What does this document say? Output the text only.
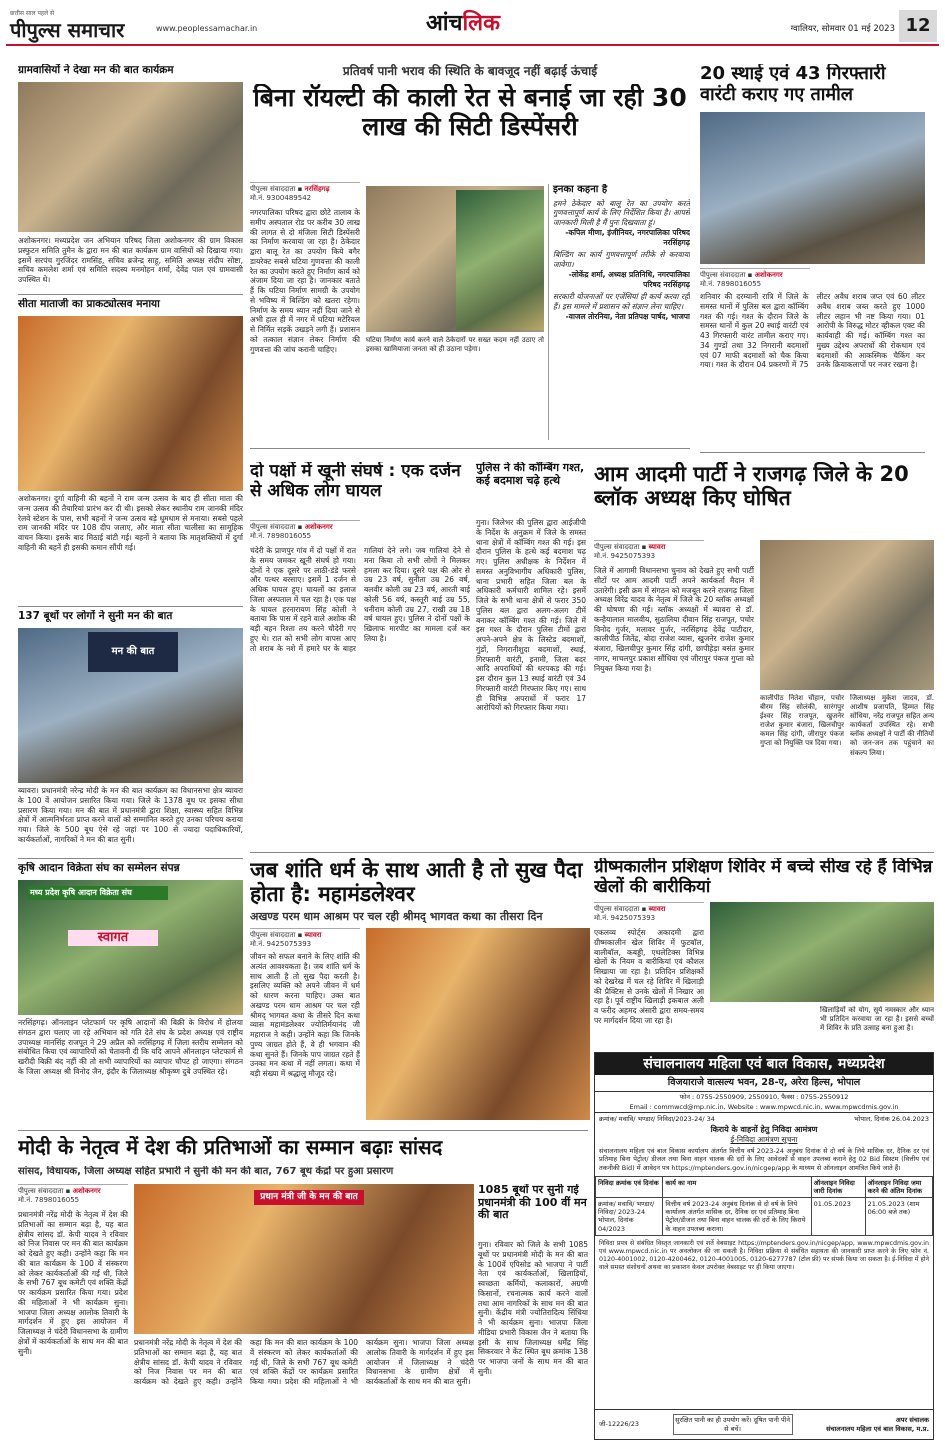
छत्तीस साल पहले से
पीपुल्स समाचार	www.peoplessamachar.in	आंचलिक	ग्वालियर, सोमवार 01 मई 2023 12
ग्रामवासियों ने देखा मन की बात कार्यक्रम
अशोकनगर। मध्यप्रदेश जन अभियान परिषद जिला अशोकनगर की ग्राम विकास प्रस्फुटन समिति तुमैन के द्वारा मन की बात कार्यक्रम ग्राम वासियों को दिखाया गया। इसमें सरपंच गुरजिंदर रामसिंह, सचिव ब्रजेन्द्र साहू, समिति अध्यक्ष संदीप सोष्टा, सचिव कमलेश शर्मा एवं समिति सदस्य मनमोहन शर्मा, देवेंद्र पाल एवं ग्रामवासी उपस्थित थे।
सीता माताजी का प्राकट्योत्सव मनाया
अशोकनगर। दुर्गा वाहिनी की बहनों ने राम जन्म उत्सव के बाद ही सीता माता की जन्म उत्सव की तैयारियां प्रारंभ कर दी थी। इसको लेकर स्थानीय राम जानकी मंदिर रेलवे स्टेशन के पास, सभी बहनों ने जन्म उत्सव बड़े धूमधाम से मनाया। सबसे पहले राम जानकी मंदिर पर 108 दीप जलाए, और माता सीता चालीसा का सामूहिक वाचन किया। इसके बाद मिठाई बांटी गई। बहनों ने बताया कि मातृशक्तियों में दुर्गा वाहिनी की बहनें ही इसकी कमान सौंपी गई।
137 बूथों पर लोगों ने सुनी मन की बात
मन की बात
ब्यावरा। प्रधानमंत्री नरेन्द्र मोदी के मन की बात कार्यक्रम का विधानसभा क्षेत्र ब्यावरा के 100 वें आयोजन प्रसारित किया गया। जिले के 1378 बूथ पर इसका सीधा प्रसारण किया गया। मन की बात में प्रधानमंत्री द्वारा शिक्षा, स्वास्थ्य सहित विभिन्न क्षेत्रों में आत्मनिर्भरता प्राप्त करने वालों को सम्मानित करते हुए उनका परिचय कराया गया। जिले के 500 बूथ ऐसे रहे जहां पर 100 से ज्यादा पदाधिकारियों, कार्यकर्ताओं, नागरिकों ने मन की बात सुनी।
कृषि आदान विक्रेता संघ का सम्मेलन संपन्न
मध्य प्रदेश कृषि आदान विक्रेता संघ
स्वागत
नरसिंहगढ़। ऑनलाइन प्लेटफार्म पर कृषि आदानों की बिक्री के विरोध में होलया संगठन द्वारा चलाए जा रहे अभियान को गति देते संघ के प्रदेश अध्यक्ष एवं राष्ट्रीय उपाध्यक्ष मानसिंह राजपूत ने 29 अप्रैल को नरसिंहगढ़ में जिला स्तरीय सम्मेलन को संबोधित किया एवं व्यापारियों को चेतावनी दी कि यदि आपने ऑनलाइन प्लेटफार्म से खरीदी बिक्री बंद नहीं की तो सभी व्यापारियों का व्यापार चौपट हो जाएगा। संगठन के जिला अध्यक्ष श्री विनोद जैन, इंदौर के जिलाध्यक्ष श्रीकृष्ण दुबे उपस्थित रहे।
प्रतिवर्ष पानी भराव की स्थिति के बावजूद नहीं बढ़ाई ऊंचाई
बिना रॉयल्टी की काली रेत से बनाई जा रही 30 लाख की सिटी डिस्पेंसरी
पीपुल्स संवाददाता ▪ नरसिंहगढ़
मो.नं. 9300489542
नगरपालिका परिषद द्वारा छोटे तालाब के समीप अस्पताल रोड पर करीब 30 लाख की लागत से दो मंजिला सिटी डिस्पेंसरी का निर्माण करवाया जा रहा है। ठेकेदार द्वारा बालू रेत का उपयोग किये बगैर डायरेक्ट सबसे घटिया गुणवत्ता की काली रेत का उपयोग करते हुए निर्माण कार्य को अंजाम दिया जा रहा है। जानकार बताते हैं कि घटिया निर्माण सामग्री के उपयोग से भविष्य में बिल्डिंग को खतरा रहेगा। निर्माण के समय ध्यान नहीं दिया जाने से अभी हाल ही में नगर में घटिया मटेरियल से निर्मित सड़कें उखड़ने लगी हैं। प्रशासन को तत्काल संज्ञान लेकर निर्माण की गुणवत्ता की जांच करानी चाहिए।
घटिया निर्माण कार्य करने वाले ठेकेदारों पर सख्त कदम नहीं उठाए तो इसका खामियाजा जनता को ही उठाना पड़ेगा।
इनका कहना है
हमने ठेकेदार को बालू रेत का उपयोग करते गुणवत्तापूर्ण कार्य के लिए निर्देशित किया है। आपसे जानकारी मिली है मैं पुनः दिखवाता हूं।
-कपिल मीणा, इंजीनियर, नगरपालिका परिषद नरसिंहगढ़
बिल्डिंग का कार्य गुणवत्तापूर्ण तरीके से करवाया जावेगा।
-लोकेंद्र शर्मा, अध्यक्ष प्रतिनिधि, नगरपालिका परिषद नरसिंहगढ़
सरकारी योजनाओं पर एजेंसियां ही कार्य करवा रही हैं। इस मामले में प्रशासन को संज्ञान लेना चाहिए।
-वाजल तोरनिया, नेता प्रतिपक्ष पार्षद, भाजपा
20 स्थाई एवं 43 गिरफ्तारी वारंटी कराए गए तामील
पीपुल्स संवाददाता ▪ अशोकनगर
मो.नं. 7898016055
शनिवार की दरम्यानी रात्रि में जिले के समस्त थानों में पुलिस बल द्वारा कॉम्बिंग गश्त की गई। गश्त के दौरान जिले के समस्त थानों में कुल 20 स्थाई वारंटी एवं 43 गिरफ्तारी वारंट तामील कराए गए। 34 गुण्डों तथा 32 निगरानी बदमाशों एवं 07 माफी बदमाशों को चैक किया गया। गश्त के दौरान 04 प्रकरणों में 75 लीटर अवैध शराब जप्त एवं 60 लीटर अवैध शराब जब्त करते हुए 1000 लीटर लहान भी नष्ट किया गया। 01 आरोपी के विरुद्ध मोटर व्हीकल एक्ट की कार्यवाही की गई। कॉम्बिंग गश्त का मुख्य उद्देश्य अपराधों की रोकथाम एवं बदमाशों की आकस्मिक चैकिंग कर उनके क्रियाकलापों पर नजर रखना है।
दो पक्षों में खूनी संघर्ष : एक दर्जन से अधिक लोग घायल
पीपुल्स संवाददाता ▪ अशोकनगर
मो.नं. 7898016055
चंदेरी के प्राणपुर गांव में दो पक्षों में रात के समय जमकर खूनी संघर्ष हो गया। दोनों ने एक दूसरे पर लाठी-डंडे फरसे और पत्थर बरसाए। इसमें 1 दर्जन से अधिक घायल हुए। घायलों का इलाज जिला अस्पताल में चल रहा है। एक पक्ष के घायल हरनारायण सिंह कोली ने बताया कि पास में रहने वाले अशोक की बड़ी बहन रिश्ता तय करने चौदेरी गए हुए थे। रात को सभी लोग वापस आए तो शराब के नशे में हमारे घर के बाहर गालियां देने लगे। जब गालियां देने से मना किया तो सभी लोगों ने मिलकर हमला कर दिया। दूसरे पक्ष की ओर से उम्र 23 वर्ष, सुनीता उम्र 26 वर्ष, बलवीर कोली उम्र 23 वर्ष, आरती बाई कोली 56 वर्ष, कस्तूरी बाई उम्र 55, धनीराम कोली उम्र 27, राखी उम्र 18 वर्ष घायल हुए। पुलिस ने दोनों पक्षों के खिलाफ मारपीट का मामला दर्ज कर लिया है।
पुलिस ने की कॉम्बिंग गश्त, कई बदमाश चढ़े हत्थे
गुना। जिलेभर की पुलिस द्वारा आईजीपी के निर्देश के अनुक्रम में जिले के समस्त थाना क्षेत्रों में कॉम्बिंग गश्त की गई। इस दौरान पुलिस के हत्थे कई बदमाश चढ़ गए। पुलिस अधीक्षक के निर्देशन में समस्त अनुविभागीय अधिकारी पुलिस, थाना प्रभारी सहित जिला बल के अधिकारी कर्मचारी शामिल रहे। इसमें जिले के सभी थाना क्षेत्रों से फरार 350 पुलिस बल द्वारा अलग-अलग टीमें बनाकर कॉम्बिंग गश्त की गई। जिले में इस गश्त के दौरान पुलिस टीमों द्वारा अपने-अपने क्षेत्र के लिस्टेड बदमाशों, गुंडों, निगरानीशुदा बदमाशों, स्थाई, गिरफ्तारी वारंटी, इनामी, जिला बदर आदि अपराधियों की धरपकड़ की गई। इस दौरान कुल 13 स्थाई वारंटी एवं 34 गिरफ्तारी वारंटी गिरफ्तार किए गए। साथ ही विभिन्न अपराधों में फरार 17 आरोपियों को गिरफ्तार किया गया।
आम आदमी पार्टी ने राजगढ़ जिले के 20 ब्लॉक अध्यक्ष किए घोषित
पीपुल्स संवाददाता ▪ ब्यावरा
मो.नं. 9425075393
जिले में आगामी विधानसभा चुनाव को देखते हुए सभी पार्टी सीटों पर आम आदमी पार्टी अपने कार्यकर्ता मैदान में उतारेगी। इसी क्रम में संगठन को मजबूत करने राजगढ़ जिला अध्यक्ष विरेंद्र यादव के नेतृत्व में जिले के 20 ब्लॉक अध्यक्षों की घोषणा की गई। ब्लॉक अध्यक्षों में ब्यावरा से डॉ. कन्हैयालाल मालवीय, सुठालिया दीवान सिंह राजपूत, पचोर विनोद गुर्जर, मलावर गुर्जर, नरसिंहगढ़ देवेंद्र पाटीदार, कालीपीठ जितेंद्र, बोदा राजेश व्यास, खुजनेर राजेश कुमार बंजारा, खिलचीपुर कुमार सिंह दांगी, छापीहेड़ा बसंत कुमार नागर, माचलपुर प्रकाश सौंधिया एवं जीरापुर पंकज गुप्ता को नियुक्त किया गया है।
कालीपीठ नितेश चौहान, पचोर बीरम सिंह सोलंकी, सारंगपुर ईश्वर सिंह राजपूत, खुजनेर राजेश कुमार बंजारा, खिलचीपुर कमल सिंह दांगी, जीरापुर पंकज गुप्ता को नियुक्ति पत्र दिया गया।
जिलाध्यक्ष मुकेश जादव, डॉ. आशीष प्रजापति, हिम्मत सिंह सोंधिया, नरेंद्र राजपूत सहित अन्य कार्यकर्ता उपस्थित रहे। सभी ब्लॉक अध्यक्षों ने पार्टी की नीतियों को जन-जन तक पहुंचाने का संकल्प लिया।
जब शांति धर्म के साथ आती है तो सुख पैदा होता है: महामंडलेश्वर
अखण्ड परम धाम आश्रम पर चल रही श्रीमद् भागवत कथा का तीसरा दिन
पीपुल्स संवाददाता ▪ ब्यावरा
मो.नं. 9425075393
जीवन को सफल बनाने के लिए शांति की अत्यंत आवश्यकता है। जब शांति धर्म के साथ आती है तो सुख पैदा करती है। इसलिए व्यक्ति को अपने जीवन में धर्म को धारण करना चाहिए। उक्त बात अखण्ड परम धाम आश्रम पर चल रही श्रीमद् भागवत कथा के तीसरे दिन कथा व्यास महामंडलेश्वर ज्योतिर्मयानंद जी महाराज ने कही। उन्होंने कहा कि जिनके पुण्य जाग्रत होते हैं, वे ही भगवान की कथा सुनते हैं। जिनके पाप जाग्रत रहते हैं उनका मन कथा में नहीं लगता। कथा में बड़ी संख्या में श्रद्धालु मौजूद रहे।
ग्रीष्मकालीन प्रशिक्षण शिविर में बच्चे सीख रहे हैं विभिन्न खेलों की बारीकियां
पीपुल्स संवाददाता ▪ ब्यावरा
मो.नं. 9425075393
एकलव्य स्पोर्ट्स अकादमी द्वारा ग्रीष्मकालीन खेल शिविर में फुटबॉल, बालीबॉल, कबड्डी, एथलेटिक्स विभिन्न खेलों के नियम व बारीकियां एवं कौशल सिखाया जा रहा है। प्रतिदिन प्रशिक्षकों को देखरेख में चल रहे शिविर में खिलाड़ी की प्रैक्टिस से उनके खेलों में निखार आ रहा है। पूर्व राष्ट्रीय खिलाड़ी इकबाल अली व फरीद अहमद अंसारी द्वारा समय-समय पर मार्गदर्शन दिया जा रहा है।
खिलाड़ियों को योग, सूर्य नमस्कार और ध्यान भी प्रतिदिन करवाया जा रहा है। इससे बच्चों में शिविर के प्रति उत्साह बना हुआ है।
संचालनालय महिला एवं बाल विकास, मध्यप्रदेश
विजयाराजे वात्सल्य भवन, 28-ए, अरेरा हिल्स, भोपाल
फोन : 0755-2550909, 2550910, फैक्स : 0755-2550912
Email : commwcd@mp.nic.in, Website : www.mpwcd.nic.in, www.mpwcdmis.gov.in
क्रमांक/ मवावि/ भण्डार/ निविदा/2023-24/ 34	भोपाल, दिनांक 26.04.2023
किराये के वाहनों हेतु निविदा आमंत्रण
ई-निविदा आमंत्रण सूचना
संचालनालय महिला एवं बाल विकास कार्यालय अंतर्गत वित्तीय वर्ष 2023-24 अनुबंध दिनांक से दो वर्ष के लिये मासिक दर, दैनिक दर एवं प्रतिमाह बिना पेट्रोल/ डीजल तथा बिना वाहन चालक की दरों के लिए आवेदकों से वाहन उपलब्ध कराने हेतु 02 Bid सिस्टम (वित्तीय एवं तकनीकी Bid) में आवेदन पत्र https://mptenders.gov.in/nicgep/app के माध्यम से ऑनलाइन आमंत्रित किये जाते हैं।
निविदा क्रमांक एवं दिनांक	कार्य का नाम	ऑनलाइन निविदा जारी दिनांक	ऑनलाइन निविदा जमा करने की अंतिम दिनांक
क्रमांक/ मवावि/ भण्डार/ निविदा/ 2023-24 भोपाल, दिनांक 04/2023	वित्तीय वर्ष 2023-24 अनुबंध दिनांक से दो वर्ष के लिये कार्यालय अंतर्गत मासिक दर, दैनिक दर एवं प्रतिमाह बिना पेट्रोल/डीजल तथा बिना वाहन चालक की दरों के लिए किराये के वाहन उपलब्ध कराना।	01.05.2023	21.05.2023 (शाम 06:00 बजे तक)
निविदा प्रपत्र से संबंधित विस्तृत जानकारी एवं शर्ते वेबसाइट https://mptenders.gov.in/nicgep/app, www.mpwcdmis.gov.in एवं www.mpwcd.nic.in पर अवलोकन की जा सकती है। निविदा प्रक्रिया से संबंधित सहायता की जानकारी प्राप्त करने के लिए फोन नं. 0120-4001002, 0120-4200462, 0120-4001005, 0120-6277787 (टोल फ्री) पर संपर्क किया जा सकता है। ई-निविदा में होने वाले समस्त संशोधनों अथवा का प्रकाशन केवल उपरोक्त वेबसाइट पर ही किया जाएगा।
जी-12226/23
सुरक्षित पानी का ही उपयोग करें। दूषित पानी पीने से बचें।
अपर संचालक
संचालनालय महिला एवं बाल विकास, म.प्र.
मोदी के नेतृत्व में देश की प्रतिभाओं का सम्मान बढ़ाः सांसद
सांसद, विधायक, जिला अध्यक्ष सहित प्रभारी ने सुनी की मन की बात, 767 बूथ केंद्रों पर हुआ प्रसारण
पीपुल्स संवाददाता ▪ अशोकनगर
मो.नं. 7898016055
प्रधानमंत्री नरेंद्र मोदी के नेतृत्व में देश की प्रतिभाओं का सम्मान बढ़ा है, यह बात क्षेत्रीय सांसद डॉ. केपी यादव ने रविवार को निज निवास पर मन की बात कार्यक्रम को देखते हुए कही। उन्होंने कहा कि मन की बात कार्यक्रम के 100 वें संस्करण को लेकर कार्यकर्ताओं की गई थी, जिले के सभी 767 बूथ कमेटी एवं शक्ति केंद्रों पर कार्यक्रम प्रसारित किया गया। प्रदेश की महिलाओं ने भी कार्यक्रम सुना। भाजपा जिला अध्यक्ष आलोक तिवारी के मार्गदर्शन में हुए इस आयोजन में जिलाध्यक्ष ने चंदेरी विधानसभा के ग्रामीण क्षेत्रों में कार्यकर्ताओं के साथ मन की बात सुनी।
प्रधान मंत्री जी के मन की बात
प्रधानमंत्री नरेंद्र मोदी के नेतृत्व में देश की प्रतिभाओं का सम्मान बढ़ा है, यह बात क्षेत्रीय सांसद डॉ. केपी यादव ने रविवार को निज निवास पर मन की बात कार्यक्रम को देखते हुए कही। उन्होंने कहा कि मन की बात कार्यक्रम के 100 वें संस्करण को लेकर कार्यकर्ताओं की गई थी, जिले के सभी 767 बूथ कमेटी एवं शक्ति केंद्रों पर कार्यक्रम प्रसारित किया गया। प्रदेश की महिलाओं ने भी कार्यक्रम सुना। भाजपा जिला अध्यक्ष आलोक तिवारी के मार्गदर्शन में हुए इस आयोजन में जिलाध्यक्ष ने चंदेरी विधानसभा के ग्रामीण क्षेत्रों में कार्यकर्ताओं के साथ मन की बात सुनी।
1085 बूथों पर सुनी गई प्रधानमंत्री की 100 वीं मन की बात
गुना। रविवार को जिले के सभी 1085 बूथों पर प्रधानमंत्री मोदी के मन की बात के 100वें एपिसोड को भाजपा ने पार्टी नेता एवं कार्यकर्ताओं, खिलाड़ियों, स्वच्छता कर्मियों, कलाकारों, अग्रणी किसानों, रचनात्मक कार्य करने वालों तथा आम नागरिकों के साथ मन की बात सुनी। केंद्रीय मंत्री ज्योतिरादित्य सिंधिया ने भी कार्यक्रम सुना। भाजपा जिला मीडिया प्रभारी विकास जैन ने बताया कि इसी के साथ जिलाध्यक्ष धर्मेंद्र सिंह सिकरवार ने केंट स्थित बूथ क्रमांक 138 पर भाजपा जनों के साथ मन की बात सुनी।
